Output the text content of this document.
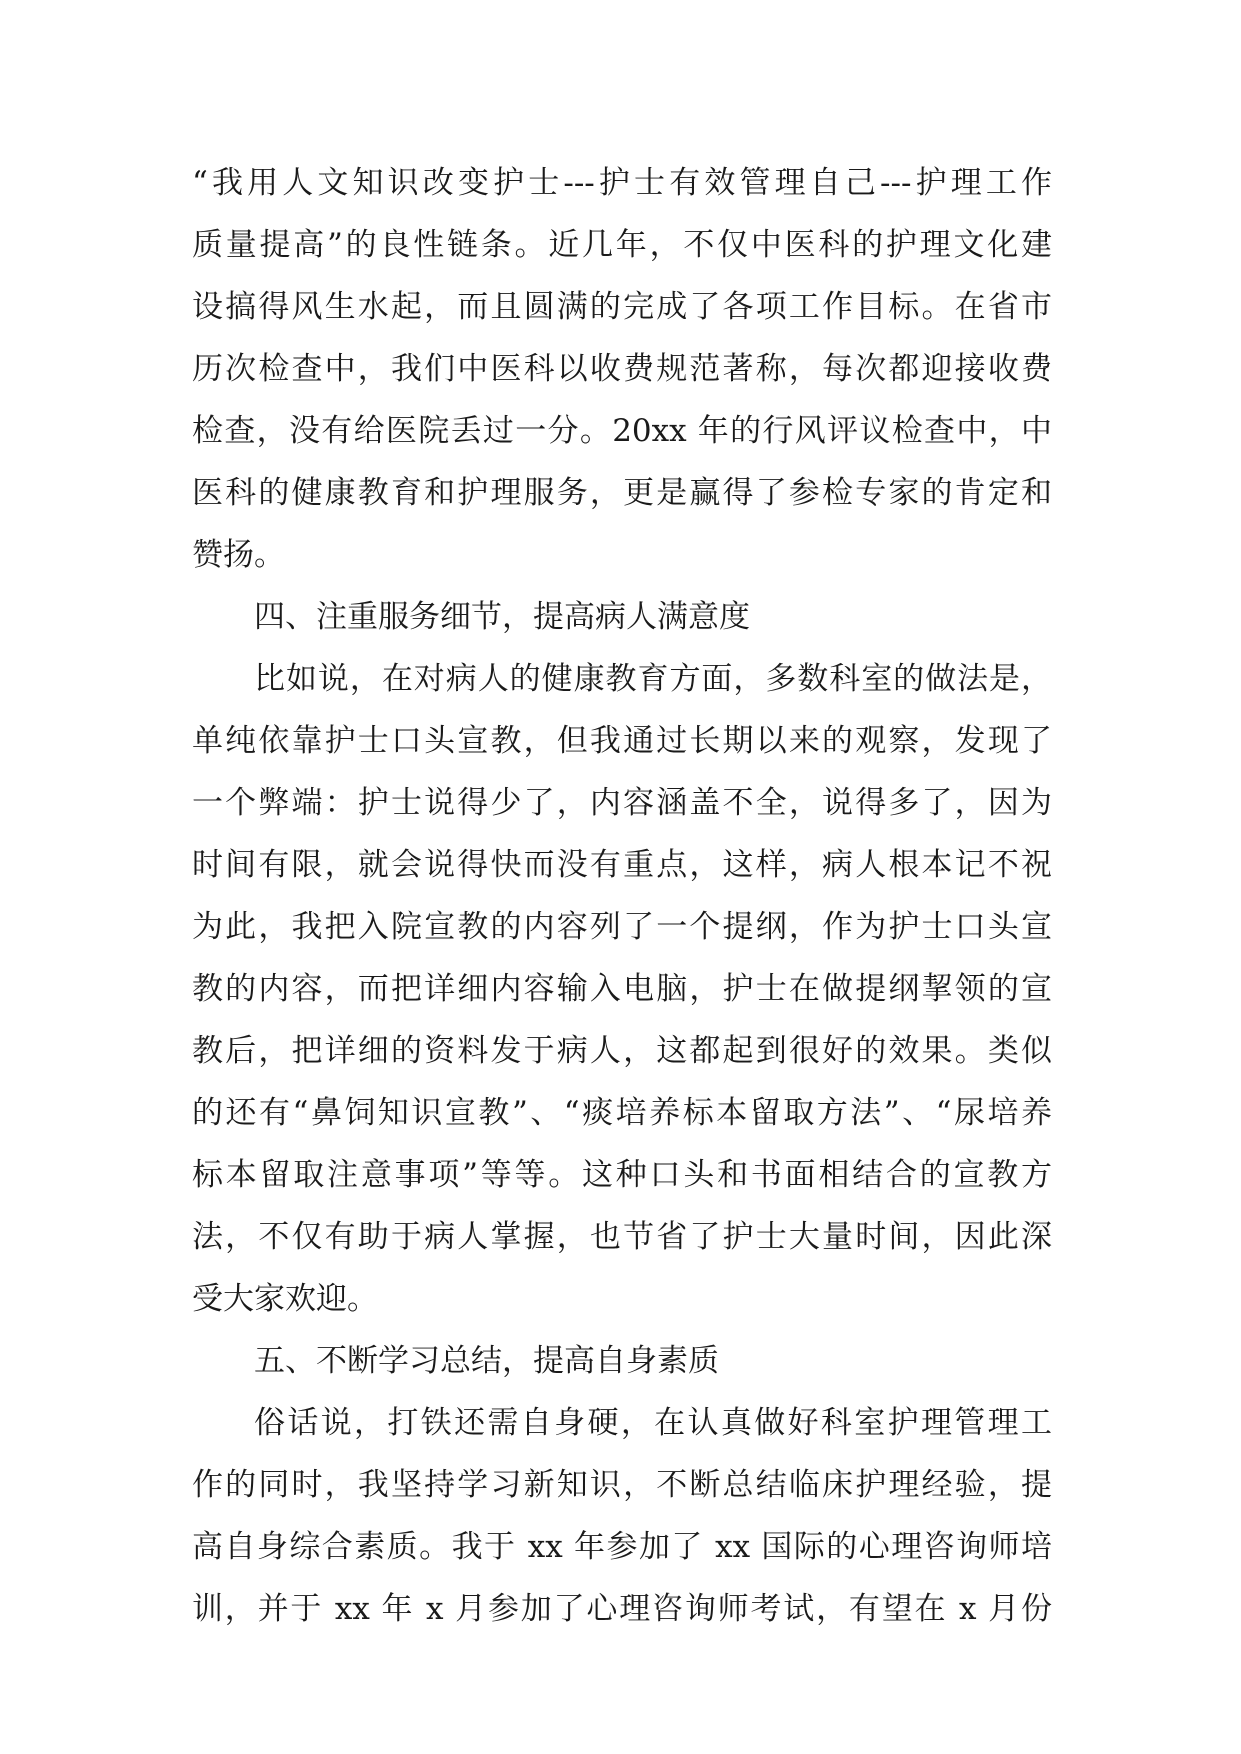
“我用人文知识改变护士---护士有效管理自己---护理工作
质量提高”的良性链条。近几年，不仅中医科的护理文化建
设搞得风生水起，而且圆满的完成了各项工作目标。在省市
历次检查中，我们中医科以收费规范著称，每次都迎接收费
检查，没有给医院丢过一分。20xx 年的行风评议检查中，中
医科的健康教育和护理服务，更是赢得了参检专家的肯定和
赞扬。
四、注重服务细节，提高病人满意度
比如说，在对病人的健康教育方面，多数科室的做法是，
单纯依靠护士口头宣教，但我通过长期以来的观察，发现了
一个弊端：护士说得少了，内容涵盖不全，说得多了，因为
时间有限，就会说得快而没有重点，这样，病人根本记不祝
为此，我把入院宣教的内容列了一个提纲，作为护士口头宣
教的内容，而把详细内容输入电脑，护士在做提纲挈领的宣
教后，把详细的资料发于病人，这都起到很好的效果。类似
的还有“鼻饲知识宣教”、“痰培养标本留取方法”、“尿培养
标本留取注意事项”等等。这种口头和书面相结合的宣教方
法，不仅有助于病人掌握，也节省了护士大量时间，因此深
受大家欢迎。
五、不断学习总结，提高自身素质
俗话说，打铁还需自身硬，在认真做好科室护理管理工
作的同时，我坚持学习新知识，不断总结临床护理经验，提
高自身综合素质。我于 xx 年参加了 xx 国际的心理咨询师培
训，并于 xx 年 x 月参加了心理咨询师考试，有望在 x 月份
